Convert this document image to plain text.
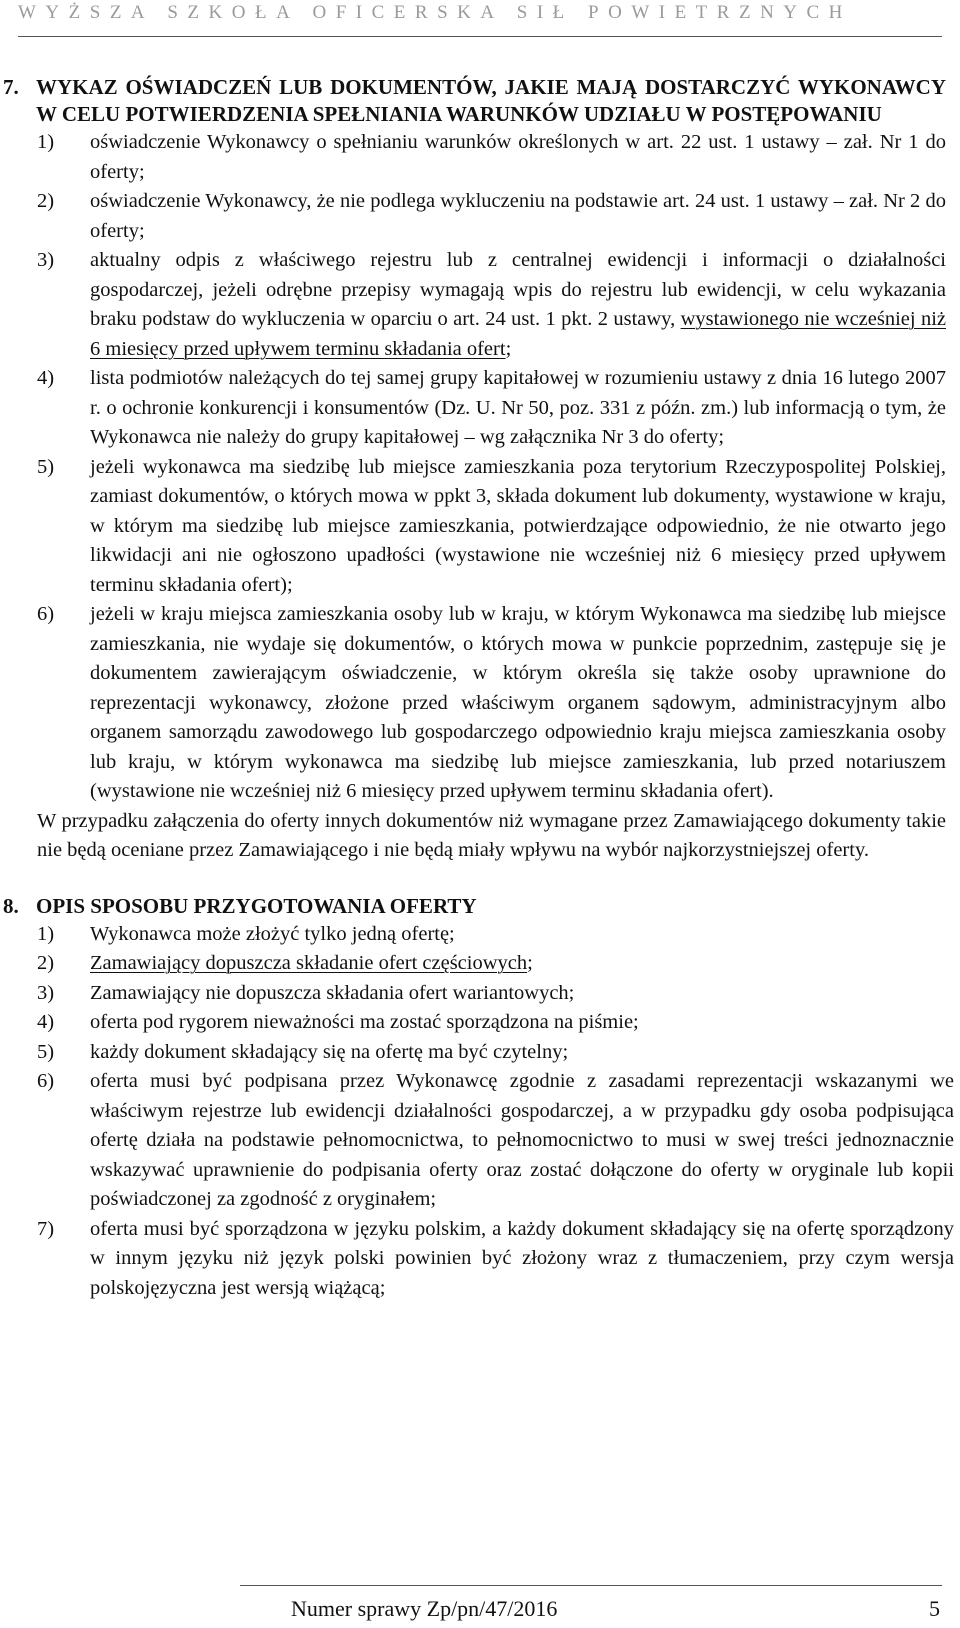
WYŻSZA SZKOŁA OFICERSKA SIŁ POWIETRZNYCH
7. WYKAZ OŚWIADCZEŃ LUB DOKUMENTÓW, JAKIE MAJĄ DOSTARCZYĆ WYKONAWCY W CELU POTWIERDZENIA SPEŁNIANIA WARUNKÓW UDZIAŁU W POSTĘPOWANIU
1) oświadczenie Wykonawcy o spełnianiu warunków określonych w art. 22 ust. 1 ustawy – zał. Nr 1 do oferty;
2) oświadczenie Wykonawcy, że nie podlega wykluczeniu na podstawie art. 24 ust. 1 ustawy – zał. Nr 2 do oferty;
3) aktualny odpis z właściwego rejestru lub z centralnej ewidencji i informacji o działalności gospodarczej, jeżeli odrębne przepisy wymagają wpis do rejestru lub ewidencji, w celu wykazania braku podstaw do wykluczenia w oparciu o art. 24 ust. 1 pkt. 2 ustawy, wystawionego nie wcześniej niż 6 miesięcy przed upływem terminu składania ofert;
4) lista podmiotów należących do tej samej grupy kapitałowej w rozumieniu ustawy z dnia 16 lutego 2007 r. o ochronie konkurencji i konsumentów (Dz. U. Nr 50, poz. 331 z późn. zm.) lub informacją o tym, że Wykonawca nie należy do grupy kapitałowej – wg załącznika Nr 3 do oferty;
5) jeżeli wykonawca ma siedzibę lub miejsce zamieszkania poza terytorium Rzeczypospolitej Polskiej, zamiast dokumentów, o których mowa w ppkt 3, składa dokument lub dokumenty, wystawione w kraju, w którym ma siedzibę lub miejsce zamieszkania, potwierdzające odpowiednio, że nie otwarto jego likwidacji ani nie ogłoszono upadłości (wystawione nie wcześniej niż 6 miesięcy przed upływem terminu składania ofert);
6) jeżeli w kraju miejsca zamieszkania osoby lub w kraju, w którym Wykonawca ma siedzibę lub miejsce zamieszkania, nie wydaje się dokumentów, o których mowa w punkcie poprzednim, zastępuje się je dokumentem zawierającym oświadczenie, w którym określa się także osoby uprawnione do reprezentacji wykonawcy, złożone przed właściwym organem sądowym, administracyjnym albo organem samorządu zawodowego lub gospodarczego odpowiednio kraju miejsca zamieszkania osoby lub kraju, w którym wykonawca ma siedzibę lub miejsce zamieszkania, lub przed notariuszem (wystawione nie wcześniej niż 6 miesięcy przed upływem terminu składania ofert).
W przypadku załączenia do oferty innych dokumentów niż wymagane przez Zamawiającego dokumenty takie nie będą oceniane przez Zamawiającego i nie będą miały wpływu na wybór najkorzystniejszej oferty.
8. OPIS SPOSOBU PRZYGOTOWANIA OFERTY
1) Wykonawca może złożyć tylko jedną ofertę;
2) Zamawiający dopuszcza składanie ofert częściowych;
3) Zamawiający nie dopuszcza składania ofert wariantowych;
4) oferta pod rygorem nieważności ma zostać sporządzona na piśmie;
5) każdy dokument składający się na ofertę ma być czytelny;
6) oferta musi być podpisana przez Wykonawcę zgodnie z zasadami reprezentacji wskazanymi we właściwym rejestrze lub ewidencji działalności gospodarczej, a w przypadku gdy osoba podpisująca ofertę działa na podstawie pełnomocnictwa, to pełnomocnictwo to musi w swej treści jednoznacznie wskazywać uprawnienie do podpisania oferty oraz zostać dołączone do oferty w oryginale lub kopii poświadczonej za zgodność z oryginałem;
7) oferta musi być sporządzona w języku polskim, a każdy dokument składający się na ofertę sporządzony w innym języku niż język polski powinien być złożony wraz z tłumaczeniem, przy czym wersja polskojęzyczna jest wersją wiążącą;
Numer sprawy Zp/pn/47/2016	5
